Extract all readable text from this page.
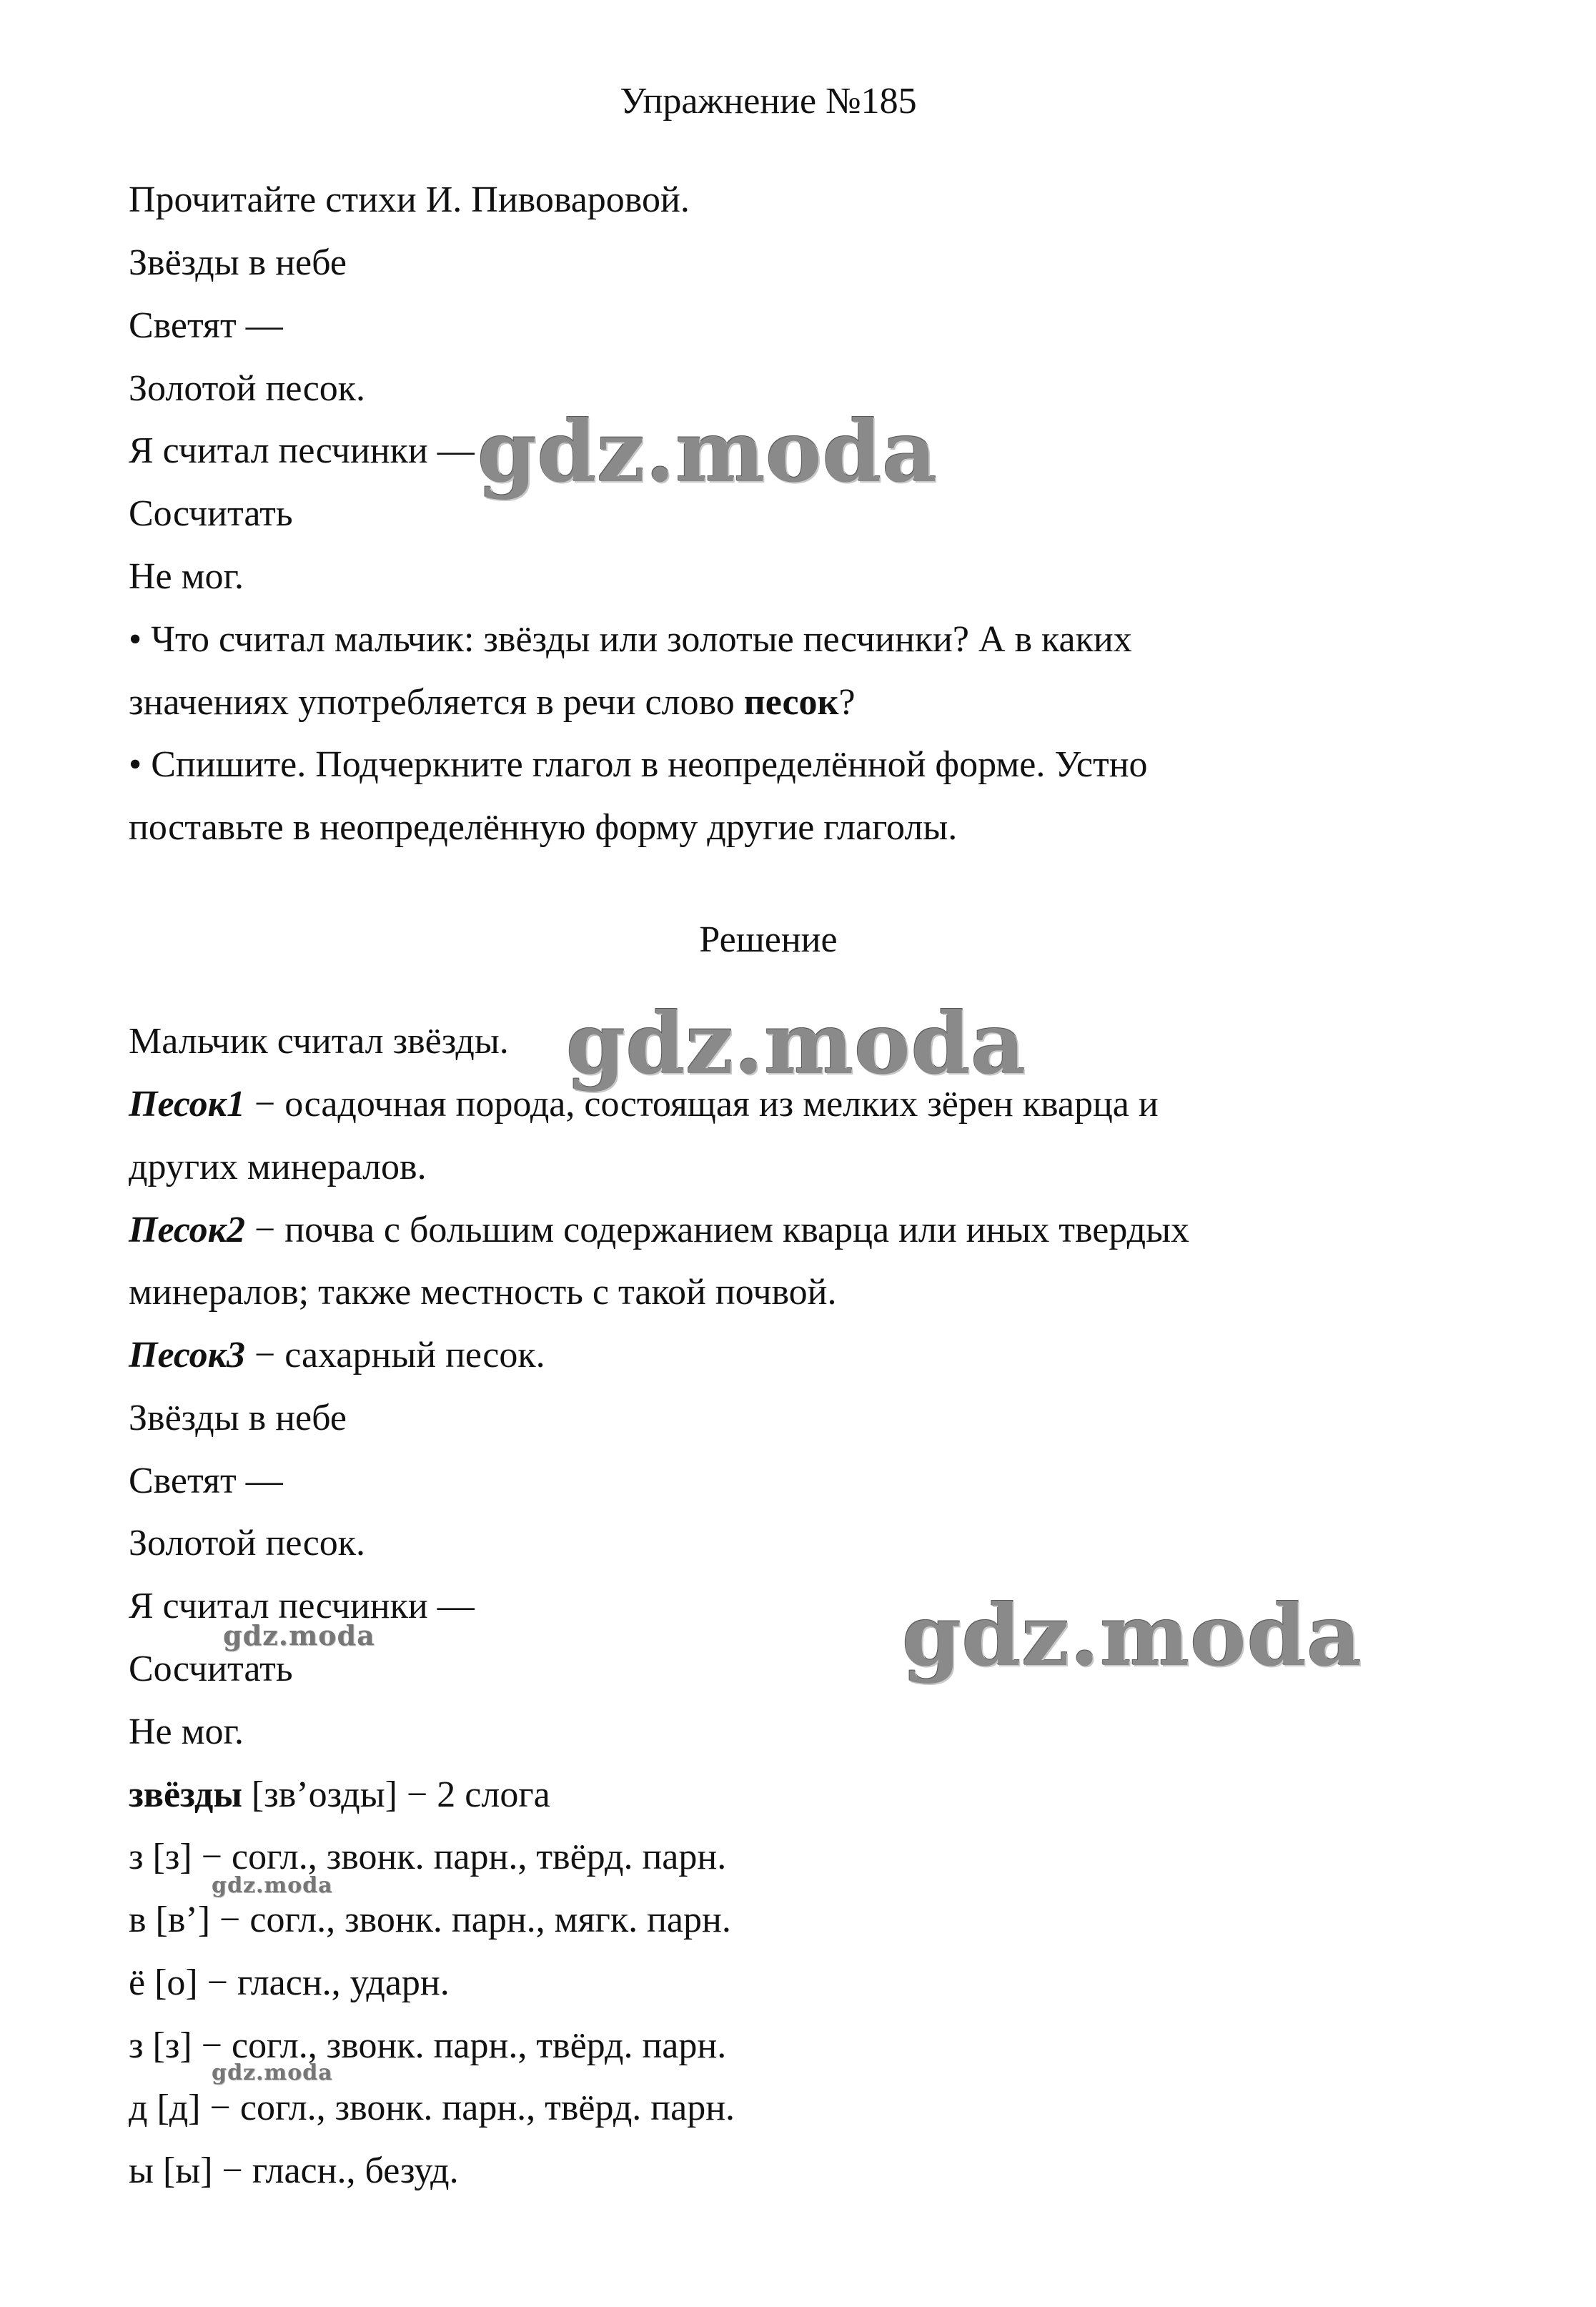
Упражнение №185
Прочитайте стихи И. Пивоваровой.
Звёзды в небе
Светят —
Золотой песок.
Я считал песчинки —
Сосчитать
Не мог.
• Что считал мальчик: звёзды или золотые песчинки? А в каких
значениях употребляется в речи слово песок?
• Спишите. Подчеркните глагол в неопределённой форме. Устно
поставьте в неопределённую форму другие глаголы.
Решение
Мальчик считал звёзды.
Песок1 − осадочная порода, состоящая из мелких зёрен кварца и
других минералов.
Песок2 − почва с большим содержанием кварца или иных твердых
минералов; также местность с такой почвой.
Песок3 − сахарный песок.
Звёзды в небе
Светят —
Золотой песок.
Я считал песчинки —
Сосчитать
Не мог.
звёзды [зв’озды] − 2 слога
з [з] − согл., звонк. парн., твёрд. парн.
в [в’] − согл., звонк. парн., мягк. парн.
ё [о] − гласн., ударн.
з [з] − согл., звонк. парн., твёрд. парн.
д [д] − согл., звонк. парн., твёрд. парн.
ы [ы] − гласн., безуд.
gdz.moda
gdz.moda
gdz.moda
gdz.moda
gdz.moda
gdz.moda
